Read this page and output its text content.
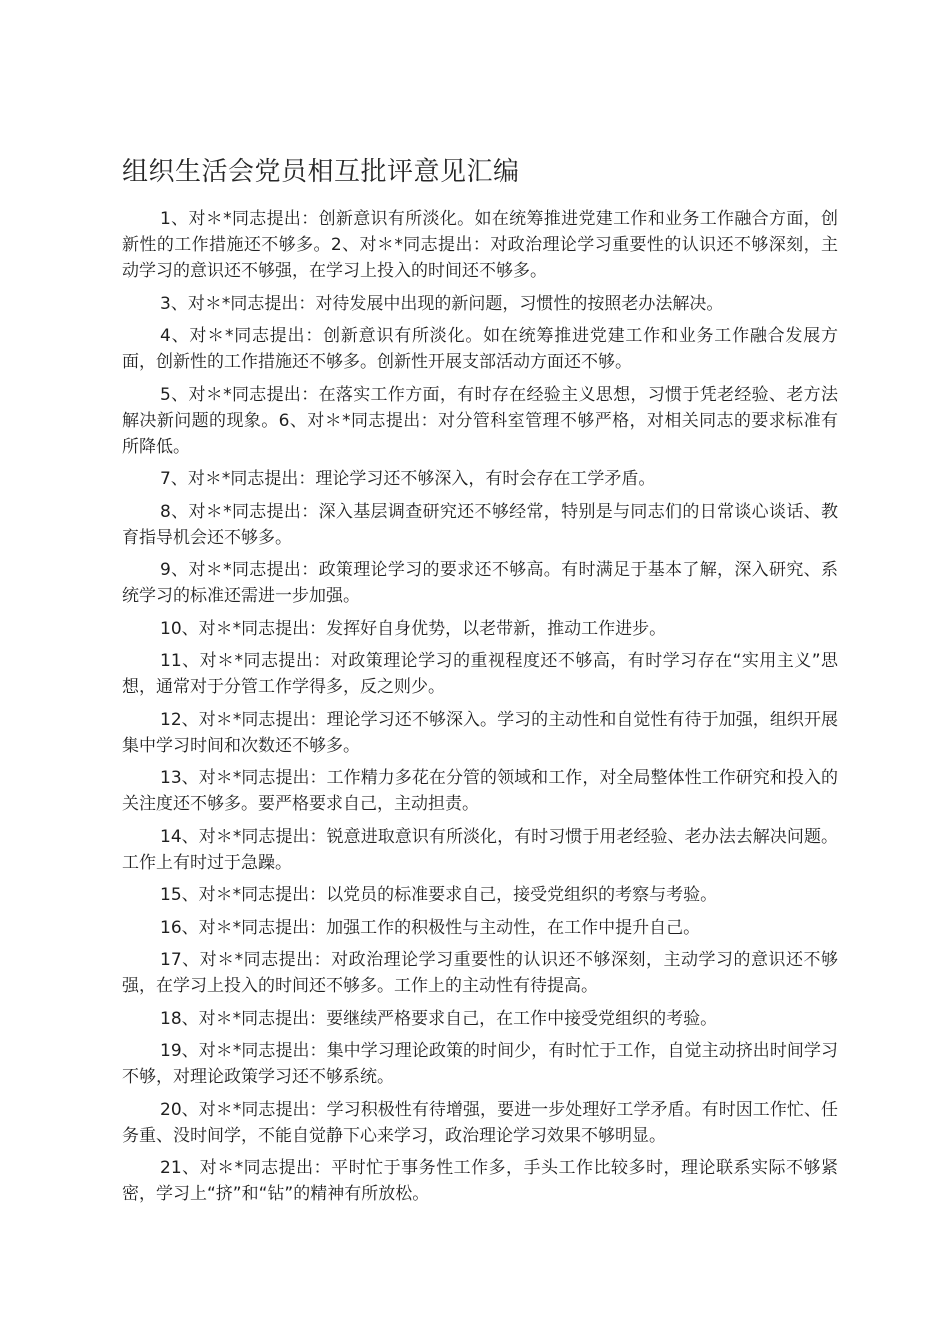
组织生活会党员相互批评意见汇编

1、对＊*同志提出：创新意识有所淡化。如在统筹推进党建工作和业务工作融合方面，创新性的工作措施还不够多。2、对＊*同志提出：对政治理论学习重要性的认识还不够深刻，主动学习的意识还不够强，在学习上投入的时间还不够多。

3、对＊*同志提出：对待发展中出现的新问题，习惯性的按照老办法解决。

4、对＊*同志提出：创新意识有所淡化。如在统筹推进党建工作和业务工作融合发展方面，创新性的工作措施还不够多。创新性开展支部活动方面还不够。

5、对＊*同志提出：在落实工作方面，有时存在经验主义思想，习惯于凭老经验、老方法解决新问题的现象。6、对＊*同志提出：对分管科室管理不够严格，对相关同志的要求标准有所降低。

7、对＊*同志提出：理论学习还不够深入，有时会存在工学矛盾。

8、对＊*同志提出：深入基层调查研究还不够经常，特别是与同志们的日常谈心谈话、教育指导机会还不够多。

9、对＊*同志提出：政策理论学习的要求还不够高。有时满足于基本了解，深入研究、系统学习的标准还需进一步加强。

10、对＊*同志提出：发挥好自身优势，以老带新，推动工作进步。

11、对＊*同志提出：对政策理论学习的重视程度还不够高，有时学习存在“实用主义”思想，通常对于分管工作学得多，反之则少。

12、对＊*同志提出：理论学习还不够深入。学习的主动性和自觉性有待于加强，组织开展集中学习时间和次数还不够多。

13、对＊*同志提出：工作精力多花在分管的领域和工作，对全局整体性工作研究和投入的关注度还不够多。要严格要求自己，主动担责。

14、对＊*同志提出：锐意进取意识有所淡化，有时习惯于用老经验、老办法去解决问题。工作上有时过于急躁。

15、对＊*同志提出：以党员的标准要求自己，接受党组织的考察与考验。

16、对＊*同志提出：加强工作的积极性与主动性，在工作中提升自己。

17、对＊*同志提出：对政治理论学习重要性的认识还不够深刻，主动学习的意识还不够强，在学习上投入的时间还不够多。工作上的主动性有待提高。

18、对＊*同志提出：要继续严格要求自己，在工作中接受党组织的考验。

19、对＊*同志提出：集中学习理论政策的时间少，有时忙于工作，自觉主动挤出时间学习不够，对理论政策学习还不够系统。

20、对＊*同志提出：学习积极性有待增强，要进一步处理好工学矛盾。有时因工作忙、任务重、没时间学，不能自觉静下心来学习，政治理论学习效果不够明显。

21、对＊*同志提出：平时忙于事务性工作多，手头工作比较多时，理论联系实际不够紧密，学习上“挤”和“钻”的精神有所放松。
